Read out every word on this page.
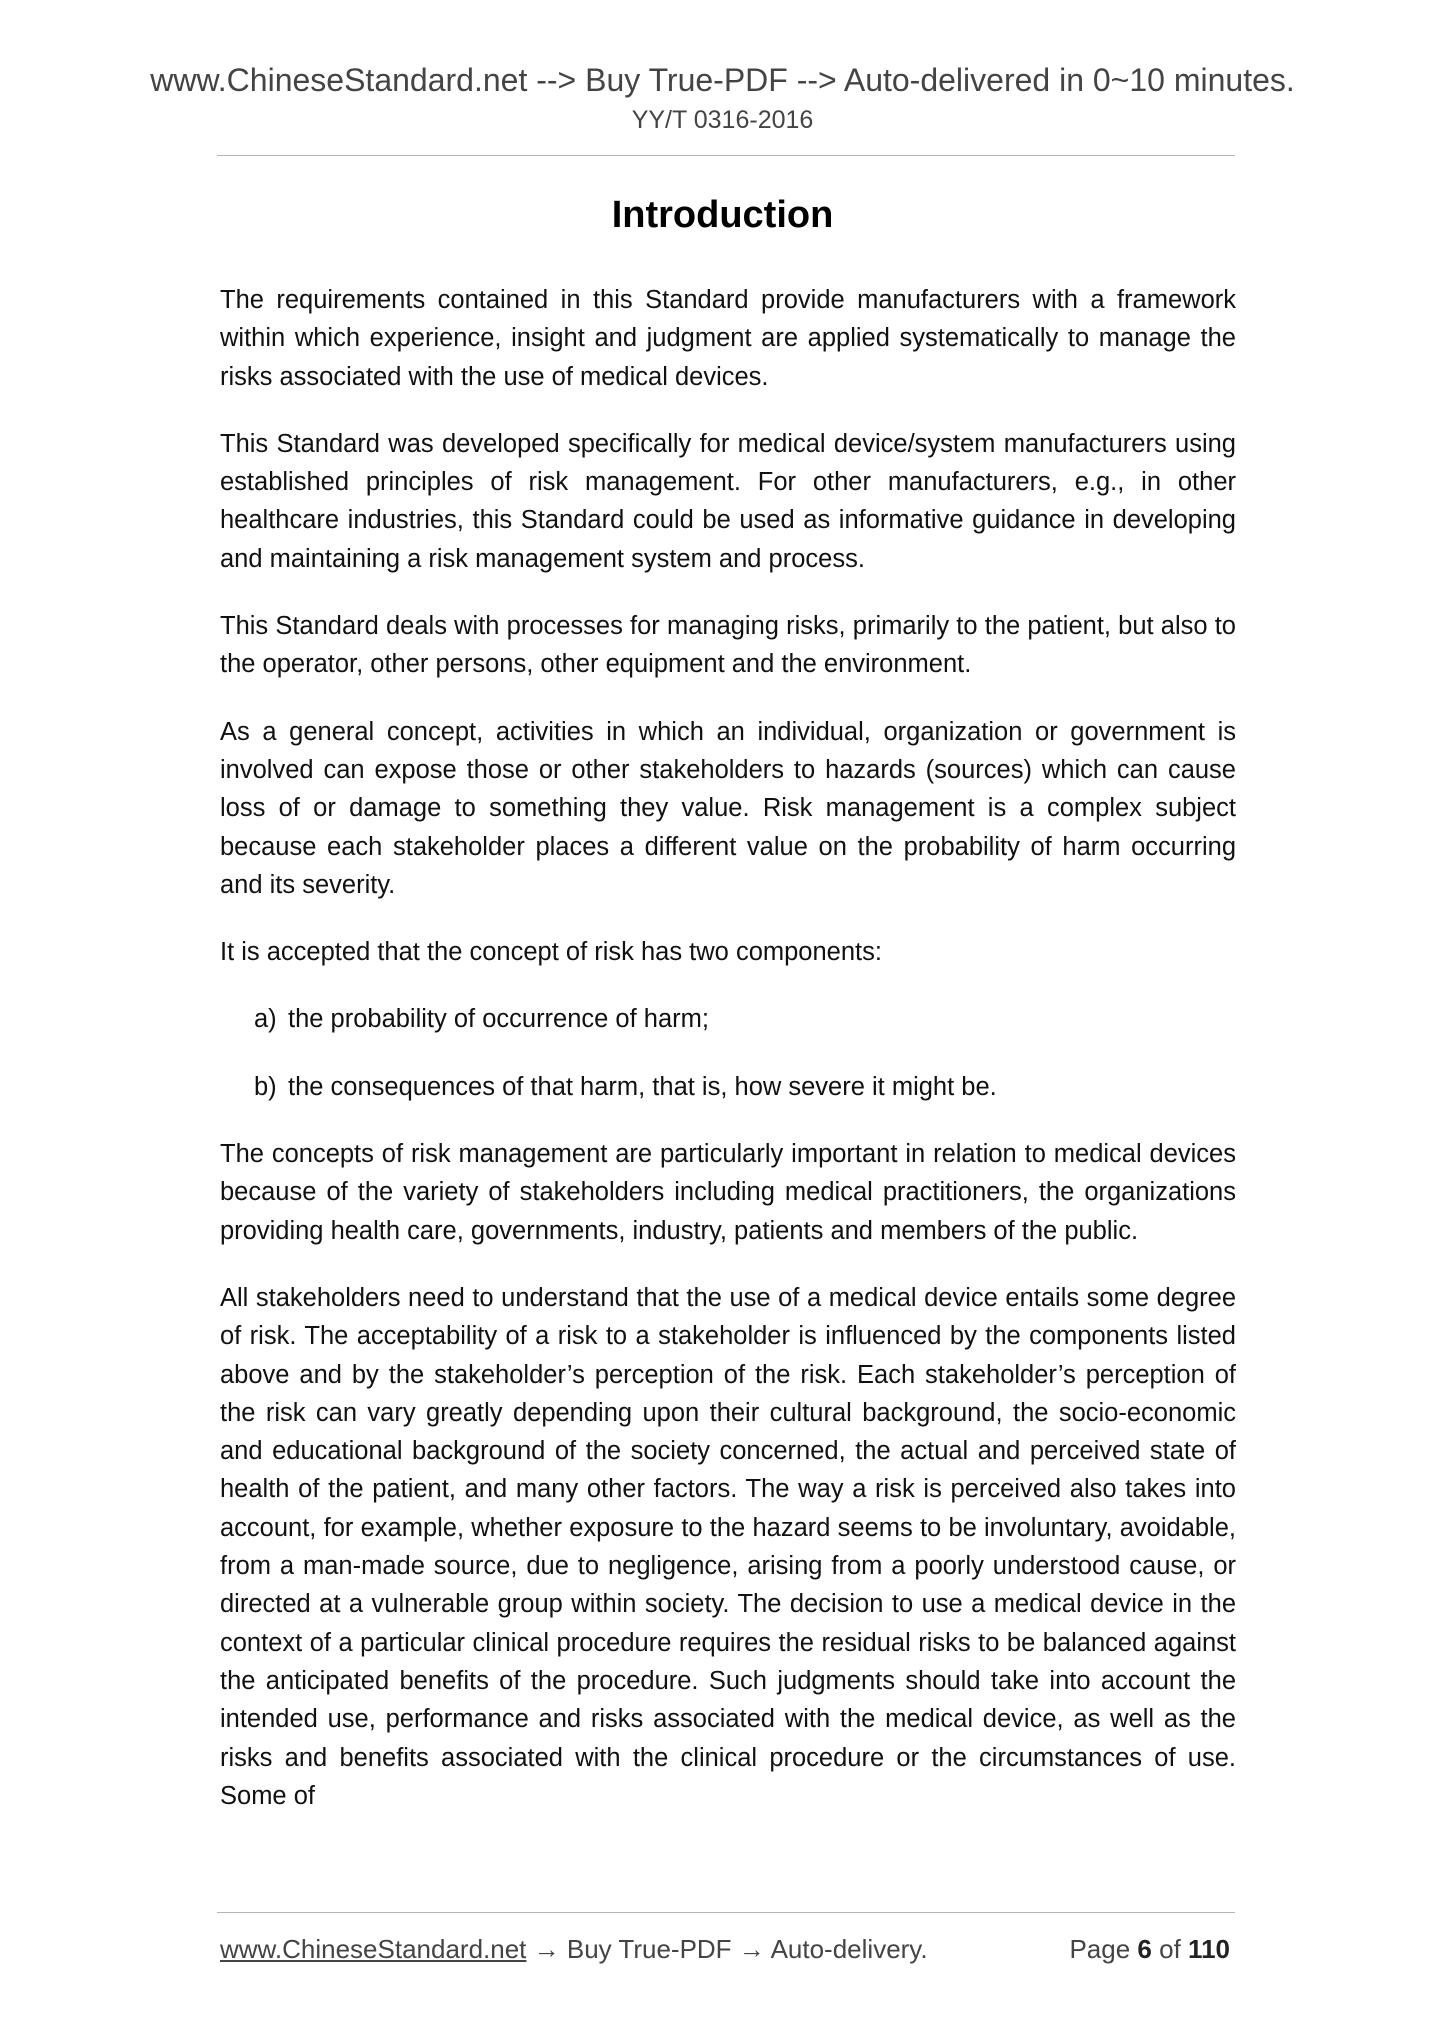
www.ChineseStandard.net --> Buy True-PDF --> Auto-delivered in 0~10 minutes.
YY/T 0316-2016
Introduction

The requirements contained in this Standard provide manufacturers with a framework within which experience, insight and judgment are applied systematically to manage the risks associated with the use of medical devices.

This Standard was developed specifically for medical device/system manufacturers using established principles of risk management. For other manufacturers, e.g., in other healthcare industries, this Standard could be used as informative guidance in developing and maintaining a risk management system and process.

This Standard deals with processes for managing risks, primarily to the patient, but also to the operator, other persons, other equipment and the environment.

As a general concept, activities in which an individual, organization or government is involved can expose those or other stakeholders to hazards (sources) which can cause loss of or damage to something they value. Risk management is a complex subject because each stakeholder places a different value on the probability of harm occurring and its severity.

It is accepted that the concept of risk has two components:

a) the probability of occurrence of harm;
b) the consequences of that harm, that is, how severe it might be.

The concepts of risk management are particularly important in relation to medical devices because of the variety of stakeholders including medical practitioners, the organizations providing health care, governments, industry, patients and members of the public.

All stakeholders need to understand that the use of a medical device entails some degree of risk. The acceptability of a risk to a stakeholder is influenced by the components listed above and by the stakeholder’s perception of the risk. Each stakeholder’s perception of the risk can vary greatly depending upon their cultural background, the socio-economic and educational background of the society concerned, the actual and perceived state of health of the patient, and many other factors. The way a risk is perceived also takes into account, for example, whether exposure to the hazard seems to be involuntary, avoidable, from a man-made source, due to negligence, arising from a poorly understood cause, or directed at a vulnerable group within society. The decision to use a medical device in the context of a particular clinical procedure requires the residual risks to be balanced against the anticipated benefits of the procedure. Such judgments should take into account the intended use, performance and risks associated with the medical device, as well as the risks and benefits associated with the clinical procedure or the circumstances of use. Some of

www.ChineseStandard.net → Buy True-PDF → Auto-delivery.	Page 6 of 110
